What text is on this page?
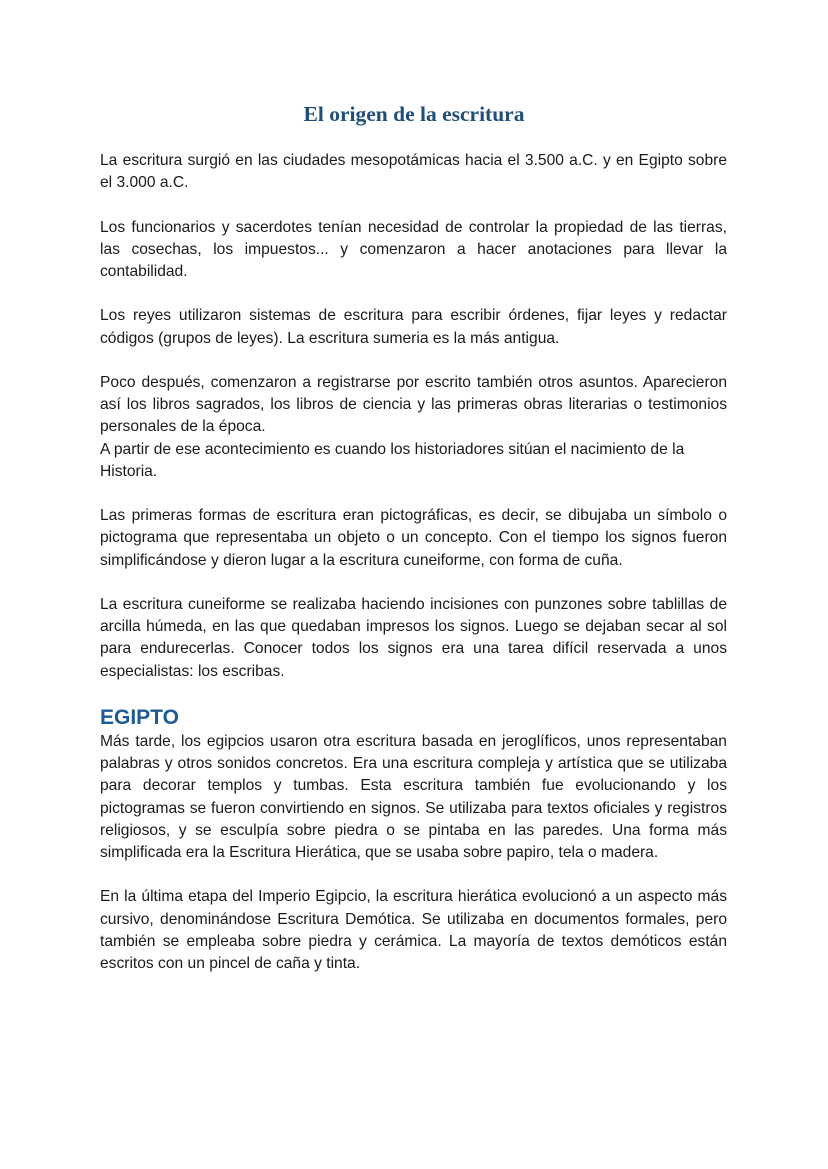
El origen de la escritura

La escritura surgió en las ciudades mesopotámicas hacia el 3.500 a.C. y en Egipto sobre el 3.000 a.C.

Los funcionarios y sacerdotes tenían necesidad de controlar la propiedad de las tierras, las cosechas, los impuestos... y comenzaron a hacer anotaciones para llevar la contabilidad.

Los reyes utilizaron sistemas de escritura para escribir órdenes, fijar leyes y redactar códigos (grupos de leyes). La escritura sumeria es la más antigua.

Poco después, comenzaron a registrarse por escrito también otros asuntos. Aparecieron así los libros sagrados, los libros de ciencia y las primeras obras literarias o testimonios personales de la época.

A partir de ese acontecimiento es cuando los historiadores sitúan el nacimiento de la Historia.

Las primeras formas de escritura eran pictográficas, es decir, se dibujaba un símbolo o pictograma que representaba un objeto o un concepto. Con el tiempo los signos fueron simplificándose y dieron lugar a la escritura cuneiforme, con forma de cuña.

La escritura cuneiforme se realizaba haciendo incisiones con punzones sobre tablillas de arcilla húmeda, en las que quedaban impresos los signos. Luego se dejaban secar al sol para endurecerlas. Conocer todos los signos era una tarea difícil reservada a unos especialistas: los escribas.

EGIPTO

Más tarde, los egipcios usaron otra escritura basada en jeroglíficos, unos representaban palabras y otros sonidos concretos. Era una escritura compleja y artística que se utilizaba para decorar templos y tumbas. Esta escritura también fue evolucionando y los pictogramas se fueron convirtiendo en signos. Se utilizaba para textos oficiales y registros religiosos, y se esculpía sobre piedra o se pintaba en las paredes. Una forma más simplificada era la Escritura Hierática, que se usaba sobre papiro, tela o madera.

En la última etapa del Imperio Egipcio, la escritura hierática evolucionó a un aspecto más cursivo, denominándose Escritura Demótica. Se utilizaba en documentos formales, pero también se empleaba sobre piedra y cerámica. La mayoría de textos demóticos están escritos con un pincel de caña y tinta.
